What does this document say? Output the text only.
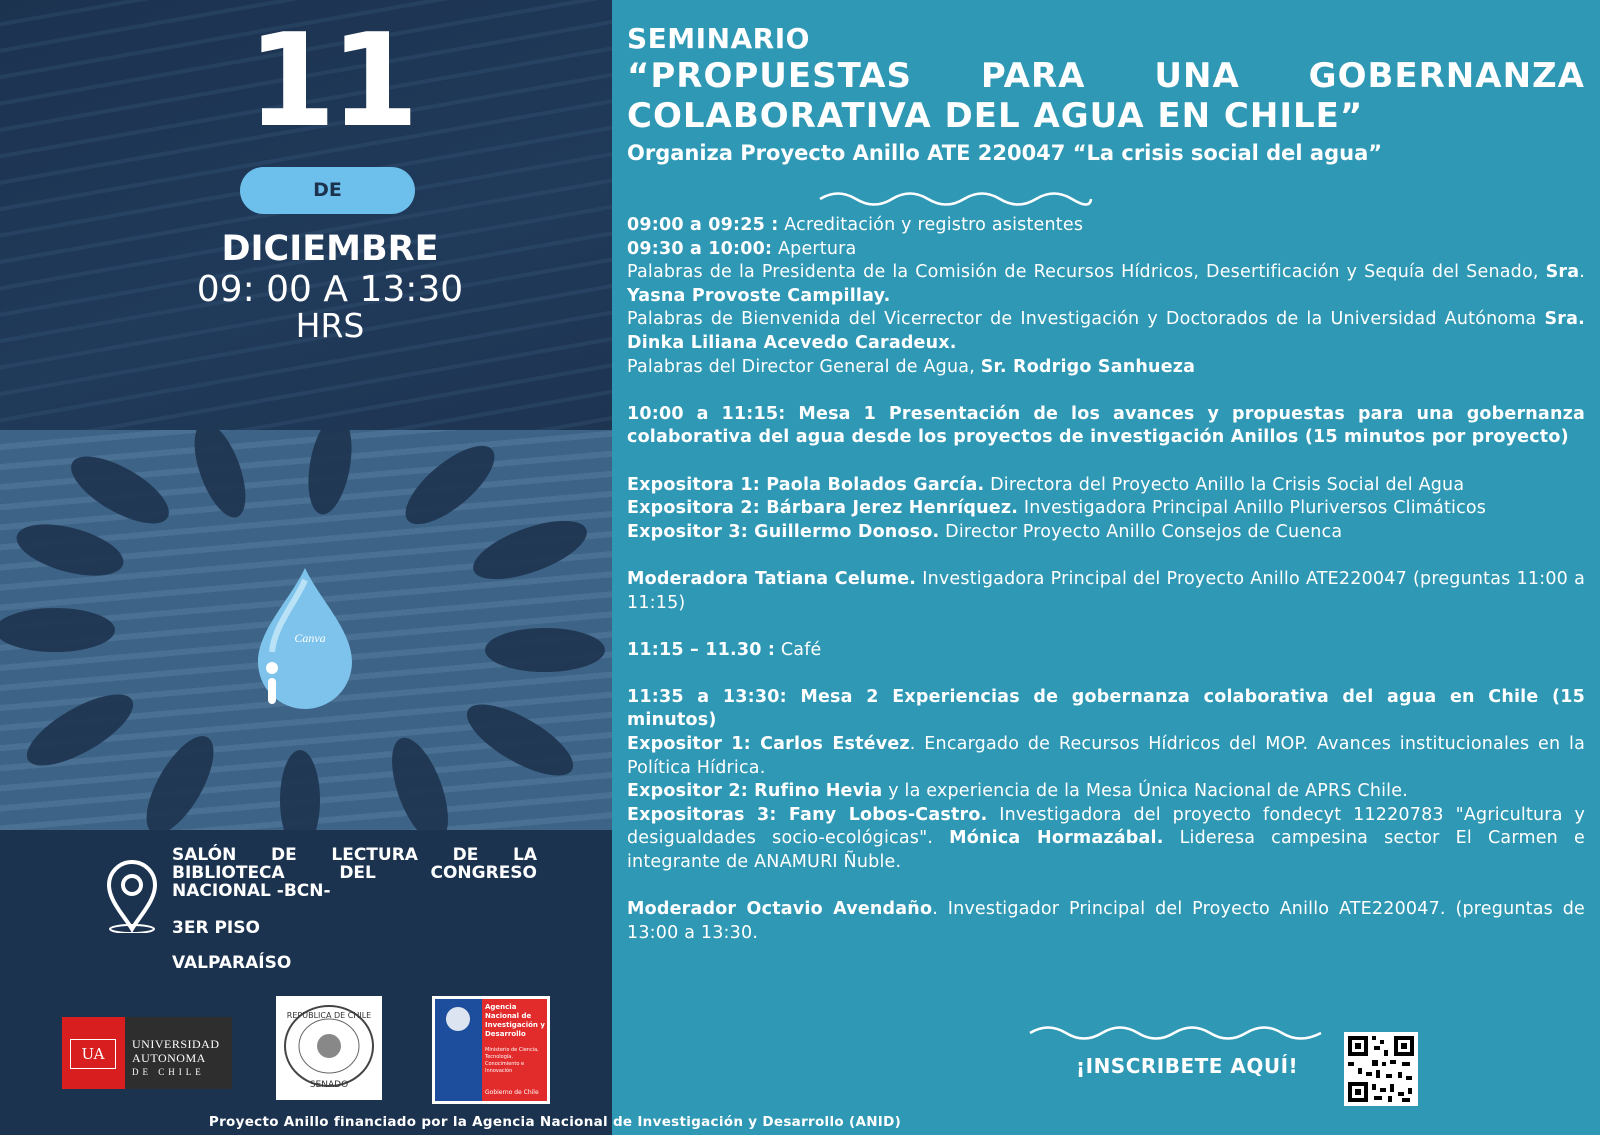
11
DE
DICIEMBRE
09: 00 A 13:30
HRS
Canva
SALÓN DE LECTURA DE LA BIBLIOTECA DEL CONGRESO NACIONAL -BCN-
3ER PISO
VALPARAÍSO
UA
UNIVERSIDAD
AUTONOMA
DE CHILE
REPUBLICA DE CHILE
SENADO
Agencia Nacional de Investigación y Desarrollo
Ministerio de Ciencia, Tecnología, Conocimiento e Innovación
Gobierno de Chile

SEMINARIO

“PROPUESTAS PARA UNA GOBERNANZA COLABORATIVA DEL AGUA EN CHILE”

Organiza Proyecto Anillo ATE 220047 “La crisis social del agua”

09:00 a 09:25 : Acreditación y registro asistentes

09:30 a 10:00: Apertura

Palabras de la Presidenta de la Comisión de Recursos Hídricos, Desertificación y Sequía del Senado, Sra. Yasna Provoste Campillay.

Palabras de Bienvenida del Vicerrector de Investigación y Doctorados de la Universidad Autónoma Sra. Dinka Liliana Acevedo Caradeux.

Palabras del Director General de Agua, Sr. Rodrigo Sanhueza

10:00 a 11:15: Mesa 1 Presentación de los avances y propuestas para una gobernanza colaborativa del agua desde los proyectos de investigación Anillos (15 minutos por proyecto)

Expositora 1: Paola Bolados García. Directora del Proyecto Anillo la Crisis Social del Agua

Expositora 2: Bárbara Jerez Henríquez. Investigadora Principal Anillo Pluriversos Climáticos

Expositor 3: Guillermo Donoso. Director Proyecto Anillo Consejos de Cuenca

Moderadora Tatiana Celume. Investigadora Principal del Proyecto Anillo ATE220047 (preguntas 11:00 a 11:15)

11:15 – 11.30 : Café

11:35 a 13:30: Mesa 2 Experiencias de gobernanza colaborativa del agua en Chile (15 minutos)

Expositor 1: Carlos Estévez. Encargado de Recursos Hídricos del MOP. Avances institucionales en la Política Hídrica.

Expositor 2: Rufino Hevia y la experiencia de la Mesa Única Nacional de APRS Chile.

Expositoras 3: Fany Lobos-Castro. Investigadora del proyecto fondecyt 11220783 "Agricultura y desigualdades socio-ecológicas". Mónica Hormazábal. Lideresa campesina sector El Carmen e integrante de ANAMURI Ñuble.

Moderador Octavio Avendaño. Investigador Principal del Proyecto Anillo ATE220047. (preguntas de 13:00 a 13:30.

¡INSCRIBETE AQUÍ!
Proyecto Anillo financiado por la Agencia Nacional de Investigación y Desarrollo (ANID)
